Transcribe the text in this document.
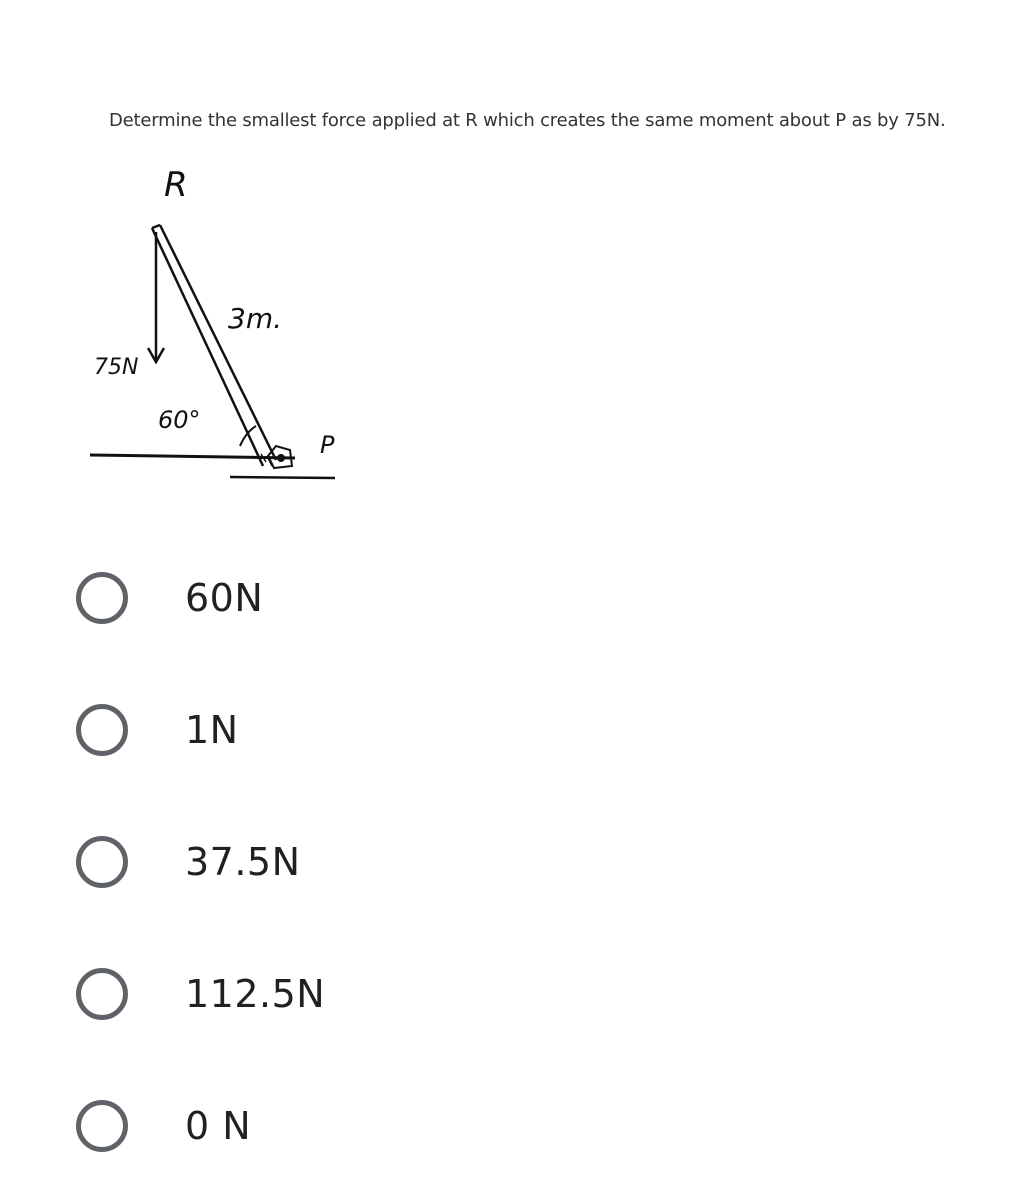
Determine the smallest force applied at R which creates the same moment about P as by 75N.
R
3m.
75N
60°
P
60N
1N
37.5N
112.5N
0 N
